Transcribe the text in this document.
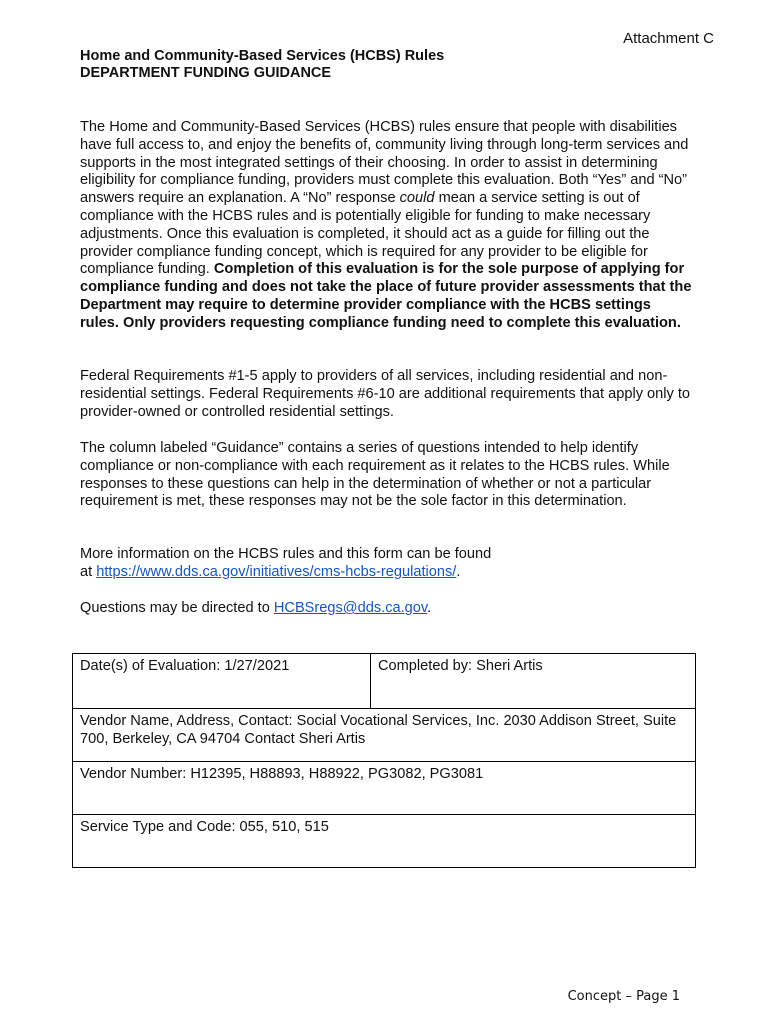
Attachment C
Home and Community-Based Services (HCBS) Rules
DEPARTMENT FUNDING GUIDANCE
The Home and Community-Based Services (HCBS) rules ensure that people with disabilities have full access to, and enjoy the benefits of, community living through long-term services and supports in the most integrated settings of their choosing. In order to assist in determining eligibility for compliance funding, providers must complete this evaluation. Both “Yes” and “No” answers require an explanation. A “No” response could mean a service setting is out of compliance with the HCBS rules and is potentially eligible for funding to make necessary adjustments. Once this evaluation is completed, it should act as a guide for filling out the provider compliance funding concept, which is required for any provider to be eligible for compliance funding. Completion of this evaluation is for the sole purpose of applying for compliance funding and does not take the place of future provider assessments that the Department may require to determine provider compliance with the HCBS settings rules. Only providers requesting compliance funding need to complete this evaluation.
Federal Requirements #1-5 apply to providers of all services, including residential and non-residential settings. Federal Requirements #6-10 are additional requirements that apply only to provider-owned or controlled residential settings.
The column labeled “Guidance” contains a series of questions intended to help identify compliance or non-compliance with each requirement as it relates to the HCBS rules. While responses to these questions can help in the determination of whether or not a particular requirement is met, these responses may not be the sole factor in this determination.
More information on the HCBS rules and this form can be found
at https://www.dds.ca.gov/initiatives/cms-hcbs-regulations/.
Questions may be directed to HCBSregs@dds.ca.gov.
Date(s) of Evaluation: 1/27/2021	Completed by: Sheri Artis
Vendor Name, Address, Contact: Social Vocational Services, Inc. 2030 Addison Street, Suite 700, Berkeley, CA 94704 Contact Sheri Artis
Vendor Number: H12395, H88893, H88922, PG3082, PG3081
Service Type and Code: 055, 510, 515
Concept – Page 1
